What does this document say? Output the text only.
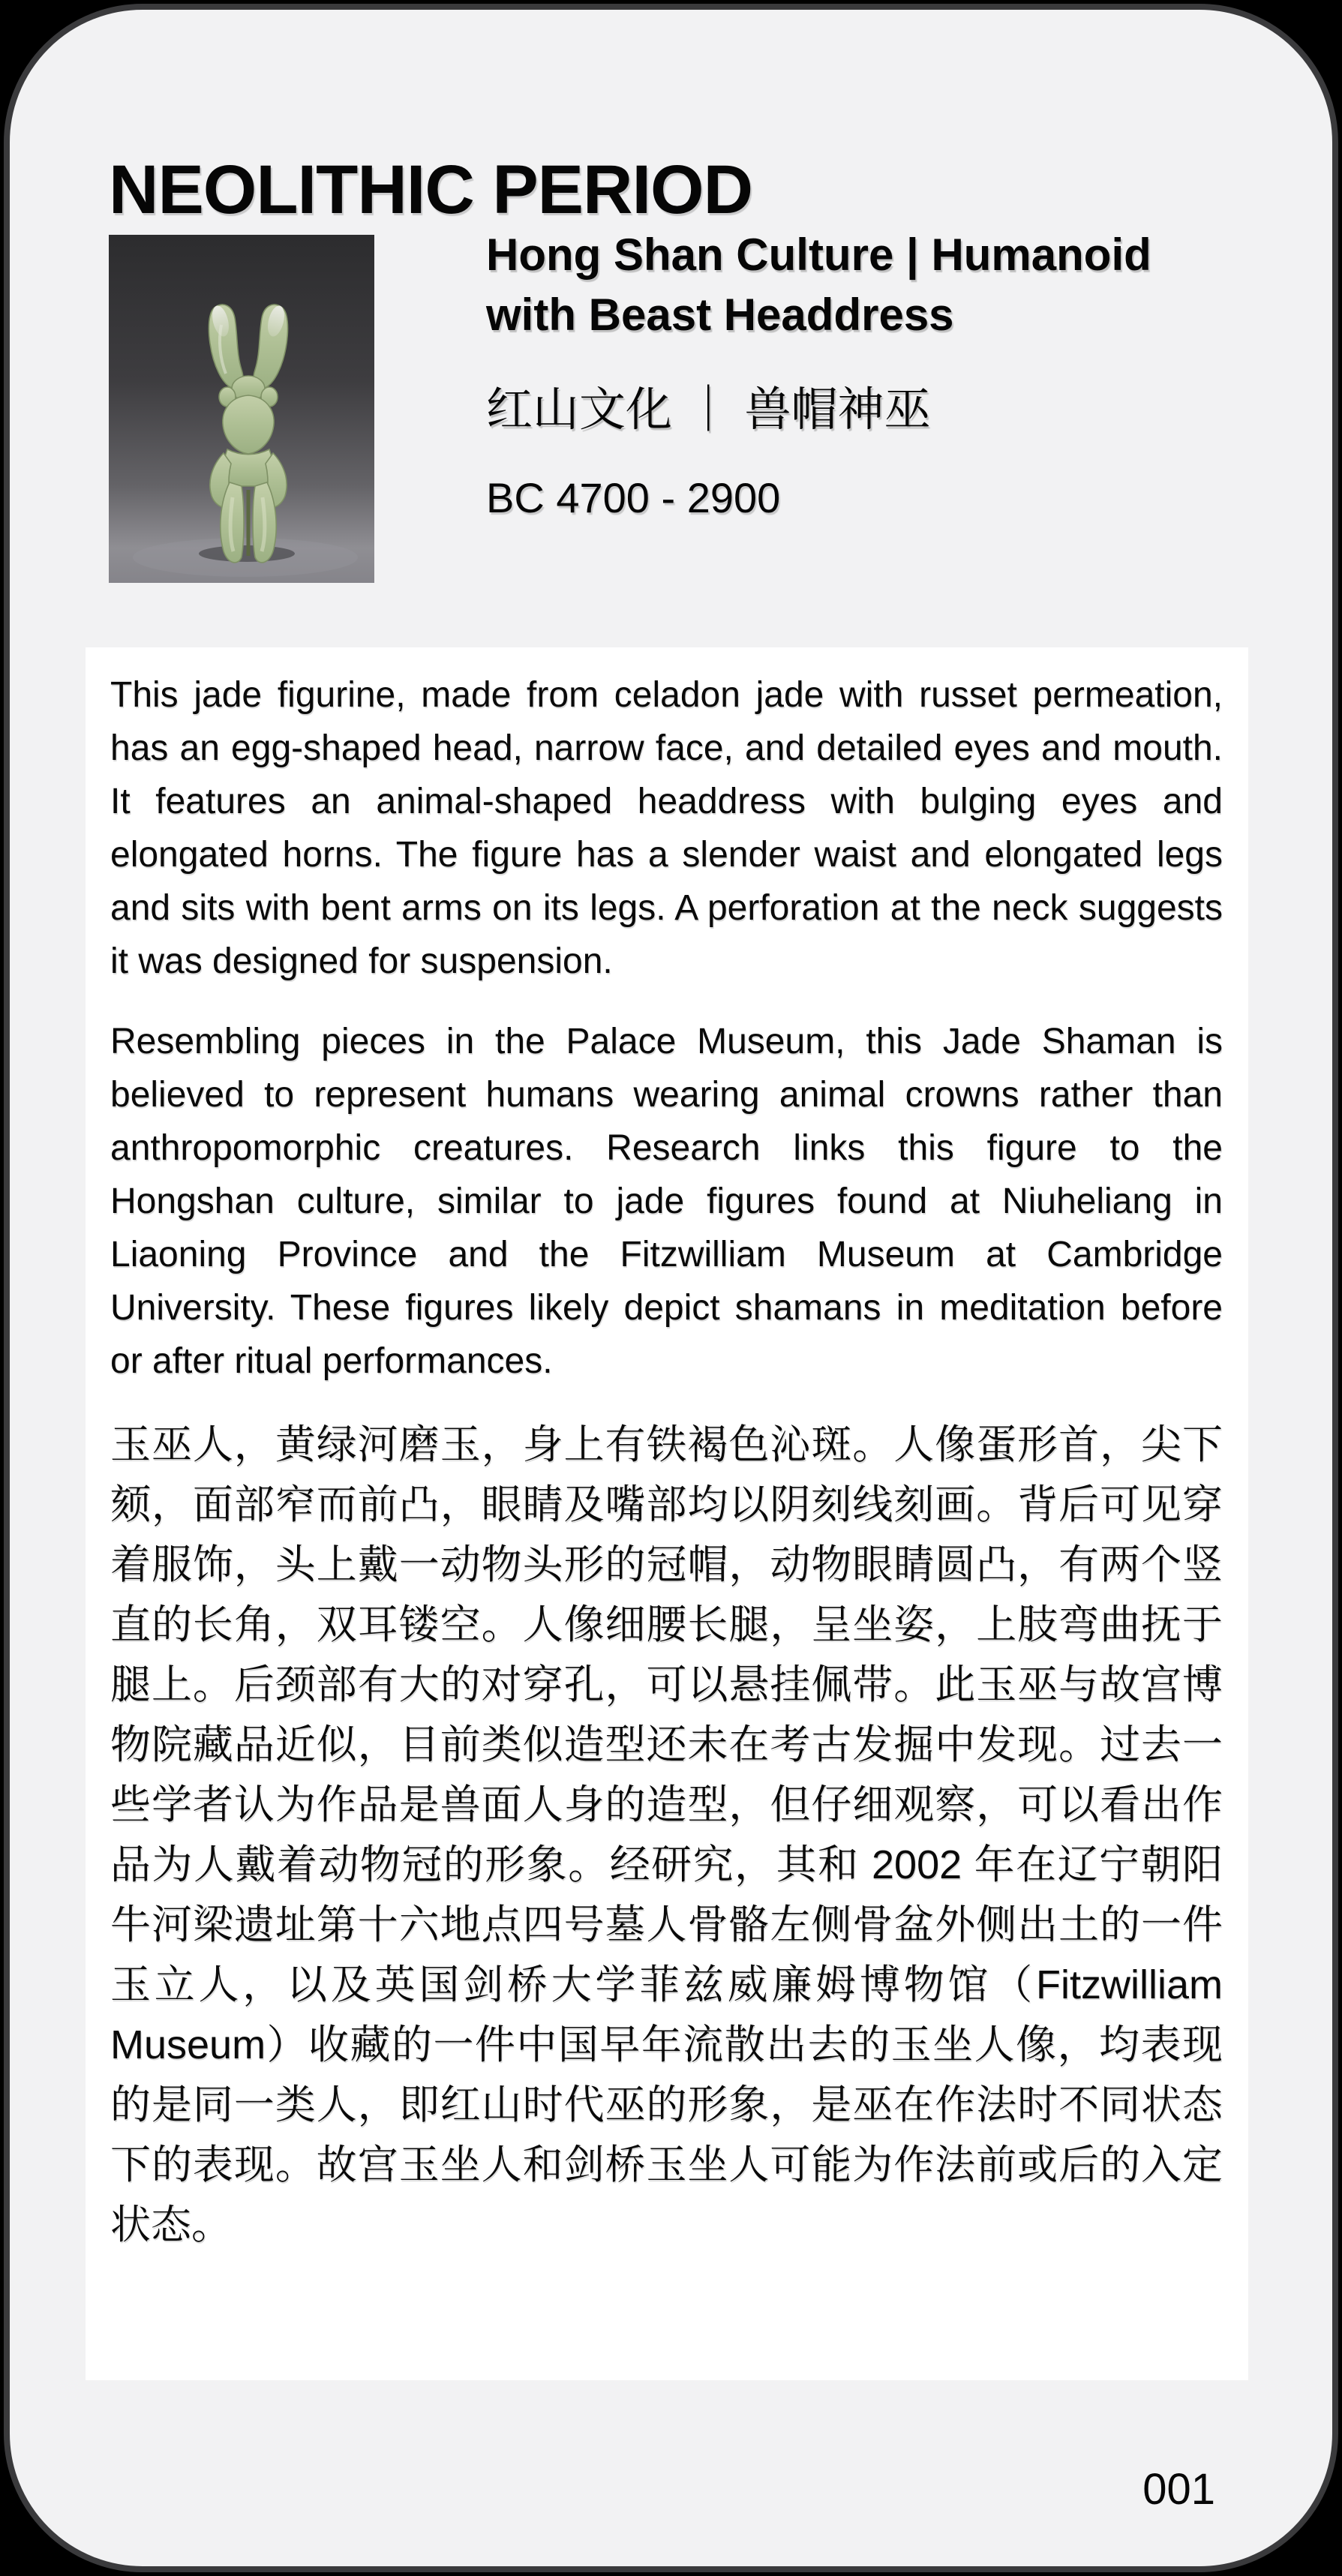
NEOLITHIC PERIOD
Hong Shan Culture | Humanoid with Beast Headdress
红山文化 ｜ 兽帽神巫
BC 4700 - 2900

This jade figurine, made from celadon jade with russet permeation, has an egg-shaped head, narrow face, and detailed eyes and mouth. It features an animal-shaped headdress with bulging eyes and elongated horns. The figure has a slender waist and elongated legs and sits with bent arms on its legs. A perforation at the neck suggests it was designed for suspension.

Resembling pieces in the Palace Museum, this Jade Shaman is believed to represent humans wearing animal crowns rather than anthropomorphic creatures. Research links this figure to the Hongshan culture, similar to jade figures found at Niuheliang in Liaoning Province and the Fitzwilliam Museum at Cambridge University. These figures likely depict shamans in meditation before or after ritual performances.

玉巫人，黄绿河磨玉，身上有铁褐色沁斑。人像蛋形首，尖下颏，面部窄而前凸，眼睛及嘴部均以阴刻线刻画。背后可见穿着服饰，头上戴一动物头形的冠帽，动物眼睛圆凸，有两个竖直的长角，双耳镂空。人像细腰长腿，呈坐姿，上肢弯曲抚于腿上。后颈部有大的对穿孔，可以悬挂佩带。此玉巫与故宫博物院藏品近似，目前类似造型还未在考古发掘中发现。过去一些学者认为作品是兽面人身的造型，但仔细观察，可以看出作品为人戴着动物冠的形象。经研究，其和 2002 年在辽宁朝阳牛河梁遗址第十六地点四号墓人骨骼左侧骨盆外侧出土的一件玉立人，以及英国剑桥大学菲兹威廉姆博物馆（Fitzwilliam Museum）收藏的一件中国早年流散出去的玉坐人像，均表现的是同一类人，即红山时代巫的形象，是巫在作法时不同状态下的表现。故宫玉坐人和剑桥玉坐人可能为作法前或后的入定状态。

001
